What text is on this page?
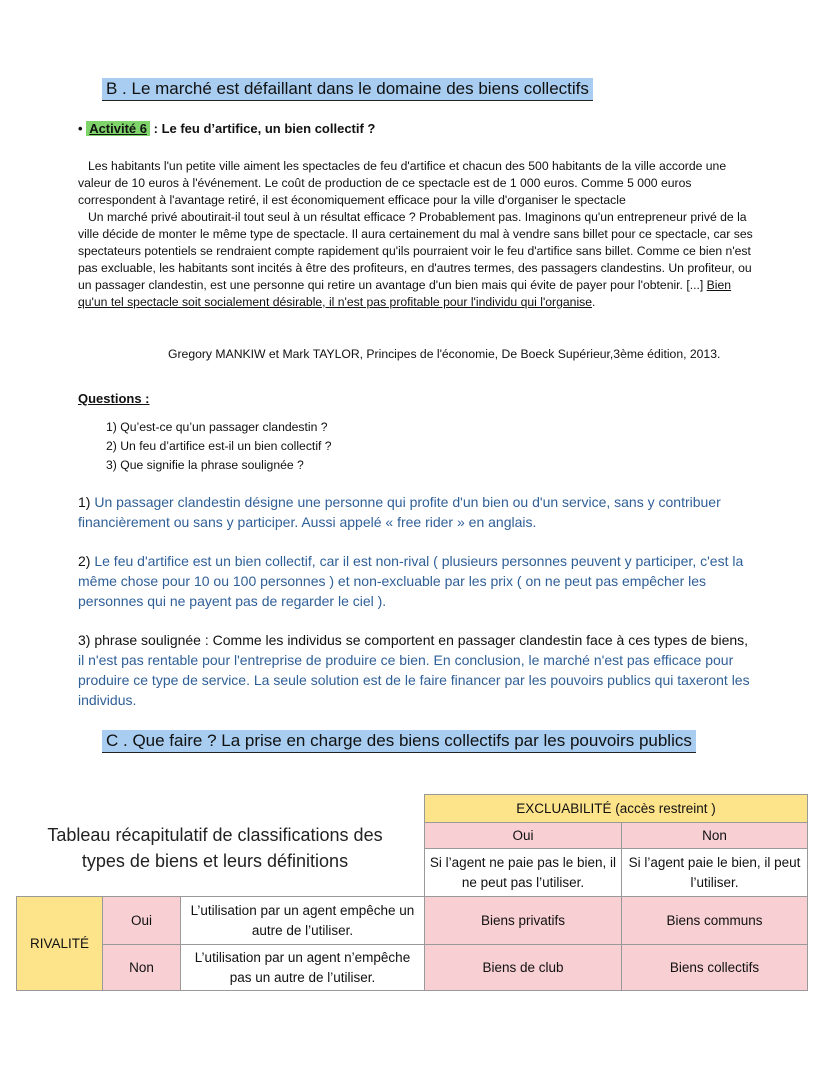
B . Le marché est défaillant dans le domaine des biens collectifs
• Activité 6 : Le feu d’artifice, un bien collectif ?

Les habitants l'un petite ville aiment les spectacles de feu d'artifice et chacun des 500 habitants de la ville accorde une valeur de 10 euros à l'événement. Le coût de production de ce spectacle est de 1 000 euros. Comme 5 000 euros correspondent à l'avantage retiré, il est économiquement efficace pour la ville d'organiser le spectacle

Un marché privé aboutirait-il tout seul à un résultat efficace ? Probablement pas. Imaginons qu'un entrepreneur privé de la ville décide de monter le même type de spectacle. Il aura certainement du mal à vendre sans billet pour ce spectacle, car ses spectateurs potentiels se rendraient compte rapidement qu'ils pourraient voir le feu d'artifice sans billet. Comme ce bien n'est pas excluable, les habitants sont incités à être des profiteurs, en d'autres termes, des passagers clandestins. Un profiteur, ou un passager clandestin, est une personne qui retire un avantage d'un bien mais qui évite de payer pour l'obtenir. [...] Bien qu'un tel spectacle soit socialement désirable, il n'est pas profitable pour l'individu qui l'organise.

Gregory MANKIW et Mark TAYLOR, Principes de l'économie, De Boeck Supérieur,3ème édition, 2013.
Questions :
1) Qu’est-ce qu’un passager clandestin ?
2) Un feu d’artifice est-il un bien collectif ?
3) Que signifie la phrase soulignée ?

1) Un passager clandestin désigne une personne qui profite d'un bien ou d'un service, sans y contribuer financièrement ou sans y participer. Aussi appelé « free rider » en anglais.

2) Le feu d'artifice est un bien collectif, car il est non-rival ( plusieurs personnes peuvent y participer, c'est la même chose pour 10 ou 100 personnes ) et non-excluable par les prix ( on ne peut pas empêcher les personnes qui ne payent pas de regarder le ciel ).

3) phrase soulignée : Comme les individus se comportent en passager clandestin face à ces types de biens, il n'est pas rentable pour l'entreprise de produire ce bien. En conclusion, le marché n'est pas efficace pour produire ce type de service. La seule solution est de le faire financer par les pouvoirs publics qui taxeront les individus.

C . Que faire ? La prise en charge des biens collectifs par les pouvoirs publics
Tableau récapitulatif de classifications des types de biens et leurs définitions
			EXCLUABILITÉ (accès restreint )	
			Oui	Non
			Si l’agent ne paie pas le bien, il ne peut pas l’utiliser.	Si l’agent paie le bien, il peut l’utiliser.
RIVALITÉ	Oui	L’utilisation par un agent empêche un autre de l’utiliser.	Biens privatifs	Biens communs
	Non	L’utilisation par un agent n’empêche pas un autre de l’utiliser.	Biens de club	Biens collectifs
